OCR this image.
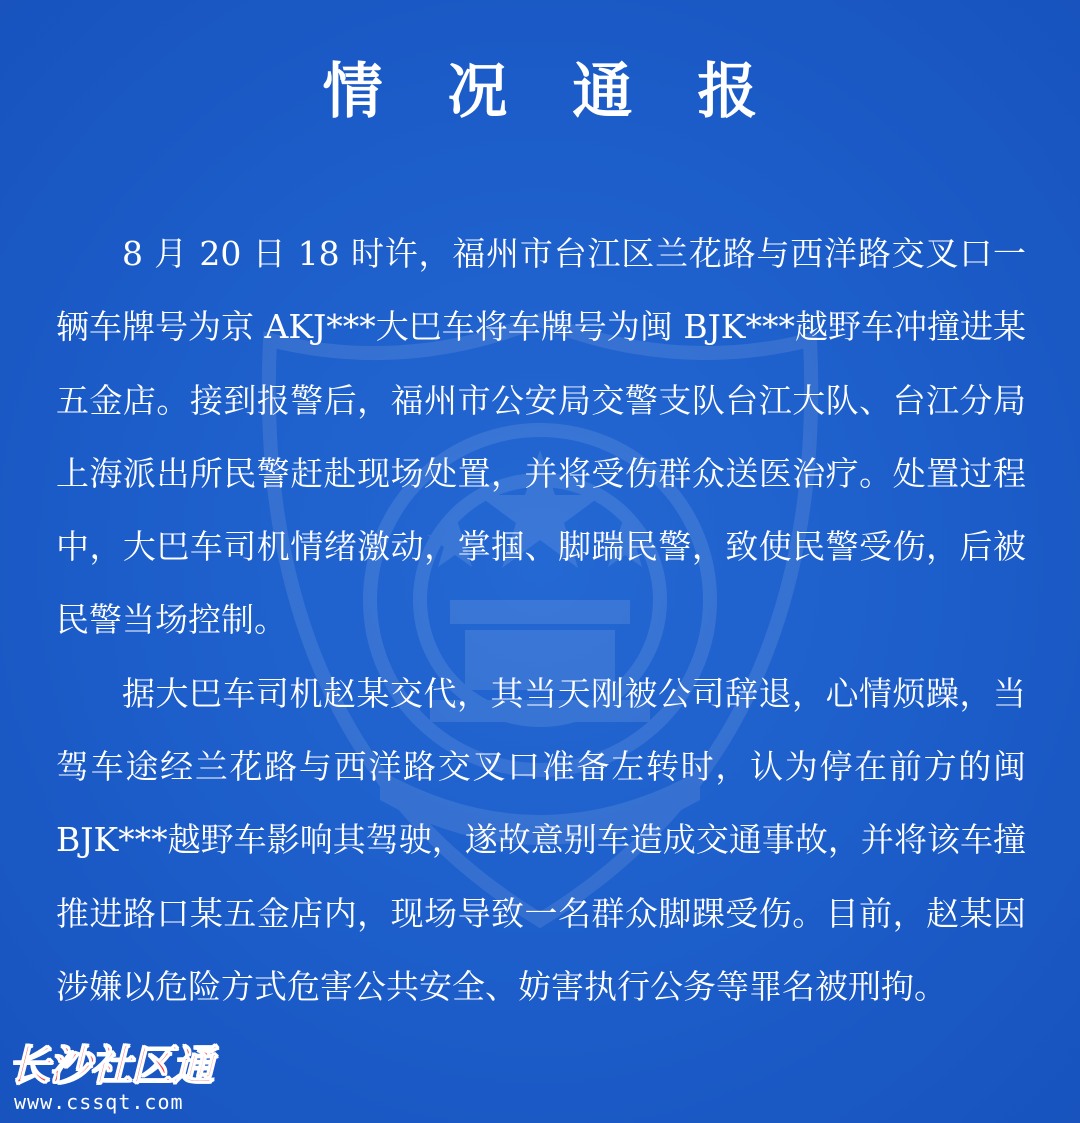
情 况 通 报

8 月 20 日 18 时许，福州市台江区兰花路与西洋路交叉口一辆车牌号为京 AKJ***大巴车将车牌号为闽 BJK***越野车冲撞进某五金店。接到报警后，福州市公安局交警支队台江大队、台江分局上海派出所民警赶赴现场处置，并将受伤群众送医治疗。处置过程中，大巴车司机情绪激动，掌掴、脚踹民警，致使民警受伤，后被民警当场控制。

据大巴车司机赵某交代，其当天刚被公司辞退，心情烦躁，当驾车途经兰花路与西洋路交叉口准备左转时，认为停在前方的闽 BJK***越野车影响其驾驶，遂故意别车造成交通事故，并将该车撞推进路口某五金店内，现场导致一名群众脚踝受伤。目前，赵某因涉嫌以危险方式危害公共安全、妨害执行公务等罪名被刑拘。

长沙社区通
www.cssqt.com
